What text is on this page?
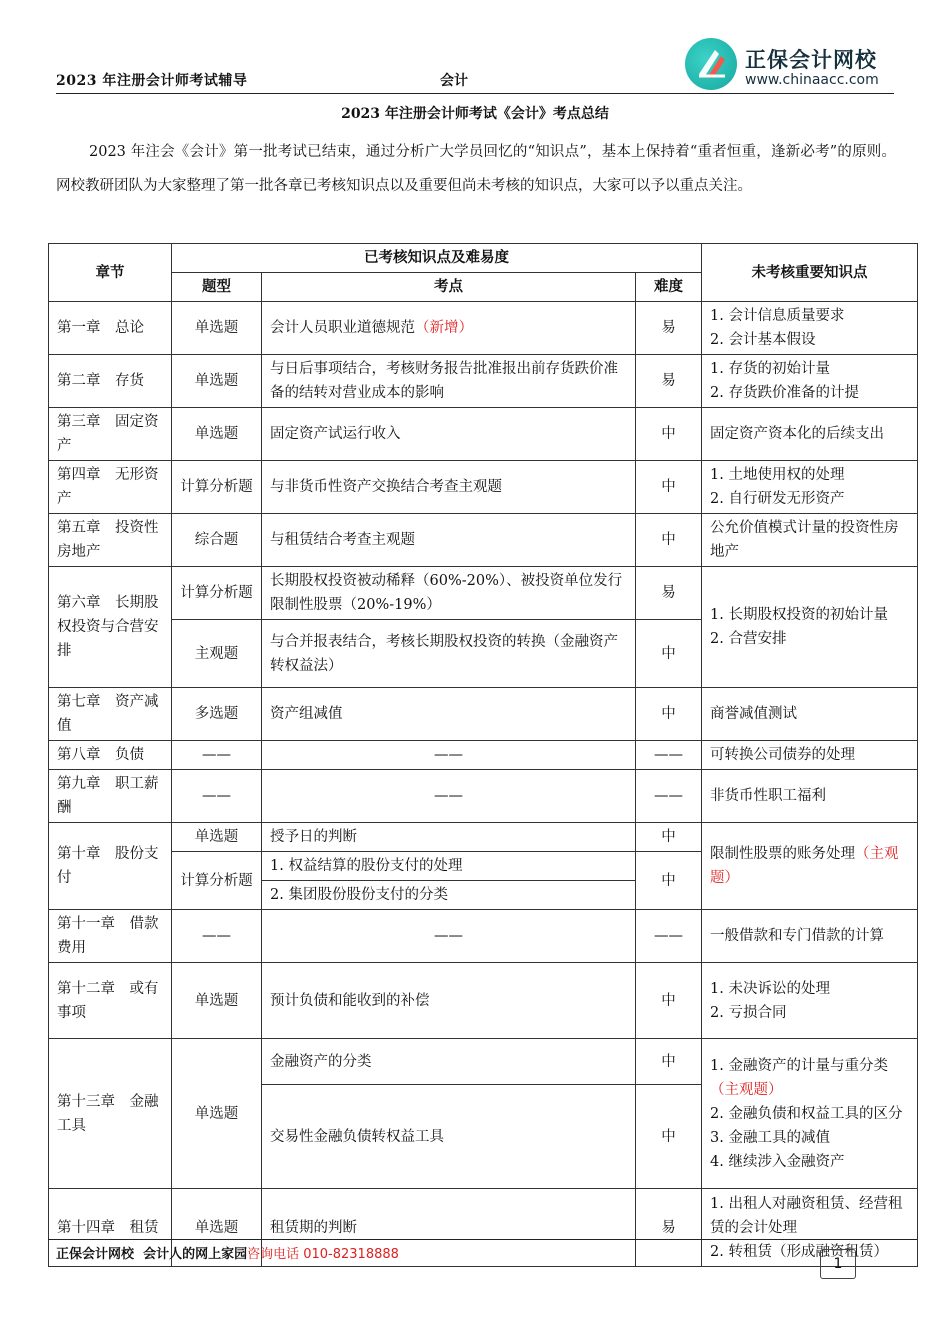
2023 年注册会计师考试辅导	会计
正保会计网校
www.chinaacc.com
2023 年注册会计师考试《会计》考点总结
2023 年注会《会计》第一批考试已结束，通过分析广大学员回忆的“知识点”，基本上保持着“重者恒重，逢新必考”的原则。网校教研团队为大家整理了第一批各章已考核知识点以及重要但尚未考核的知识点，大家可以予以重点关注。
章节	已考核知识点及难易度			未考核重要知识点
	题型	考点	难度	
第一章　总论	单选题	会计人员职业道德规范（新增）	易	1. 会计信息质量要求
2. 会计基本假设

第二章　存货	单选题	与日后事项结合，考核财务报告批准报出前存货跌价准备的结转对营业成本的影响	易	1. 存货的初始计量
2. 存货跌价准备的计提

第三章　固定资产	单选题	固定资产试运行收入	中	固定资产资本化的后续支出
第四章　无形资产	计算分析题	与非货币性资产交换结合考查主观题	中	1. 土地使用权的处理
2. 自行研发无形资产

第五章　投资性房地产	综合题	与租赁结合考查主观题	中	公允价值模式计量的投资性房地产
第六章　长期股权投资与合营安排	计算分析题	长期股权投资被动稀释（60%-20%）、被投资单位发行限制性股票（20%-19%）	易	1. 长期股权投资的初始计量
2. 合营安排

	主观题	与合并报表结合，考核长期股权投资的转换（金融资产转权益法）	中	
第七章　资产减值	多选题	资产组减值	中	商誉减值测试
第八章　负债	——	——	——	可转换公司债券的处理
第九章　职工薪酬	——	——	——	非货币性职工福利
第十章　股份支付	单选题	授予日的判断	中	限制性股票的账务处理（主观题）
	计算分析题	1. 权益结算的股份支付的处理	中	
		2. 集团股份股份支付的分类		
第十一章　借款费用	——	——	——	一般借款和专门借款的计算
第十二章　或有事项	单选题	预计负债和能收到的补偿	中	1. 未决诉讼的处理
2. 亏损合同

第十三章　金融工具	单选题	金融资产的分类	中	1. 金融资产的计量与重分类（主观题）
2. 金融负债和权益工具的区分
3. 金融工具的减值
4. 继续涉入金融资产

		交易性金融负债转权益工具	中	
第十四章　租赁	单选题	租赁期的判断	易	1. 出租人对融资租赁、经营租赁的会计处理
2. 转租赁（形成融资租赁）
正保会计网校 会计人的网上家园咨询电话 010-82318888
1
